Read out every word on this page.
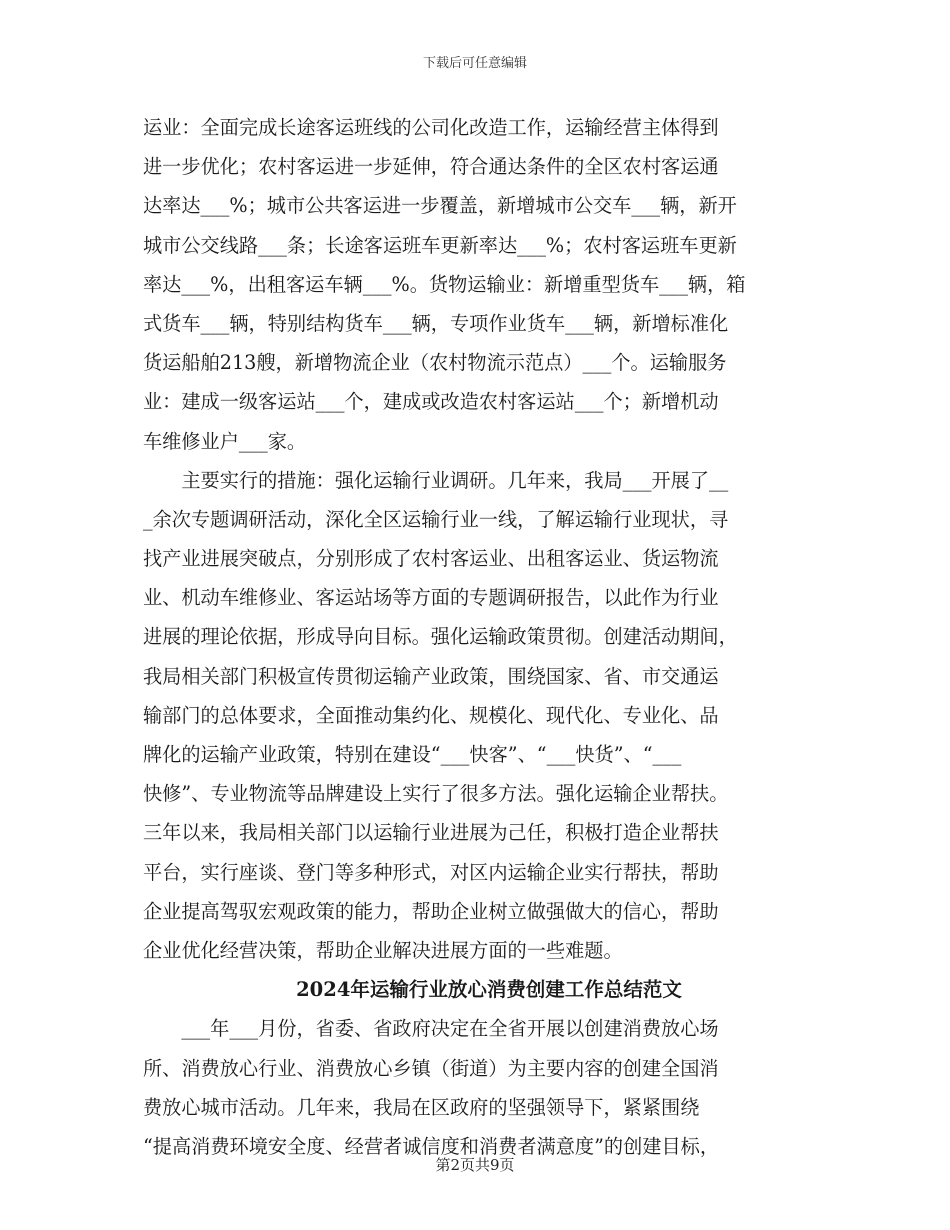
下载后可任意编辑
运业：全面完成长途客运班线的公司化改造工作，运输经营主体得到
进一步优化；农村客运进一步延伸，符合通达条件的全区农村客运通
达率达___%；城市公共客运进一步覆盖，新增城市公交车___辆，新开
城市公交线路___条；长途客运班车更新率达___%；农村客运班车更新
率达___%，出租客运车辆___%。货物运输业：新增重型货车___辆，箱
式货车___辆，特别结构货车___辆，专项作业货车___辆，新增标准化
货运船舶213艘，新增物流企业（农村物流示范点）___个。运输服务
业：建成一级客运站___个，建成或改造农村客运站___个；新增机动
车维修业户___家。
　　主要实行的措施：强化运输行业调研。几年来，我局___开展了__
_余次专题调研活动，深化全区运输行业一线，了解运输行业现状，寻
找产业进展突破点，分别形成了农村客运业、出租客运业、货运物流
业、机动车维修业、客运站场等方面的专题调研报告，以此作为行业
进展的理论依据，形成导向目标。强化运输政策贯彻。创建活动期间，
我局相关部门积极宣传贯彻运输产业政策，围绕国家、省、市交通运
输部门的总体要求，全面推动集约化、规模化、现代化、专业化、品
牌化的运输产业政策，特别在建设“___快客”、“___快货”、“___
快修”、专业物流等品牌建设上实行了很多方法。强化运输企业帮扶。
三年以来，我局相关部门以运输行业进展为己任，积极打造企业帮扶
平台，实行座谈、登门等多种形式，对区内运输企业实行帮扶，帮助
企业提高驾驭宏观政策的能力，帮助企业树立做强做大的信心，帮助
企业优化经营决策，帮助企业解决进展方面的一些难题。
2024年运输行业放心消费创建工作总结范文
　　___年___月份，省委、省政府决定在全省开展以创建消费放心场
所、消费放心行业、消费放心乡镇（街道）为主要内容的创建全国消
费放心城市活动。几年来，我局在区政府的坚强领导下，紧紧围绕
“提高消费环境安全度、经营者诚信度和消费者满意度”的创建目标，
第2页共9页
